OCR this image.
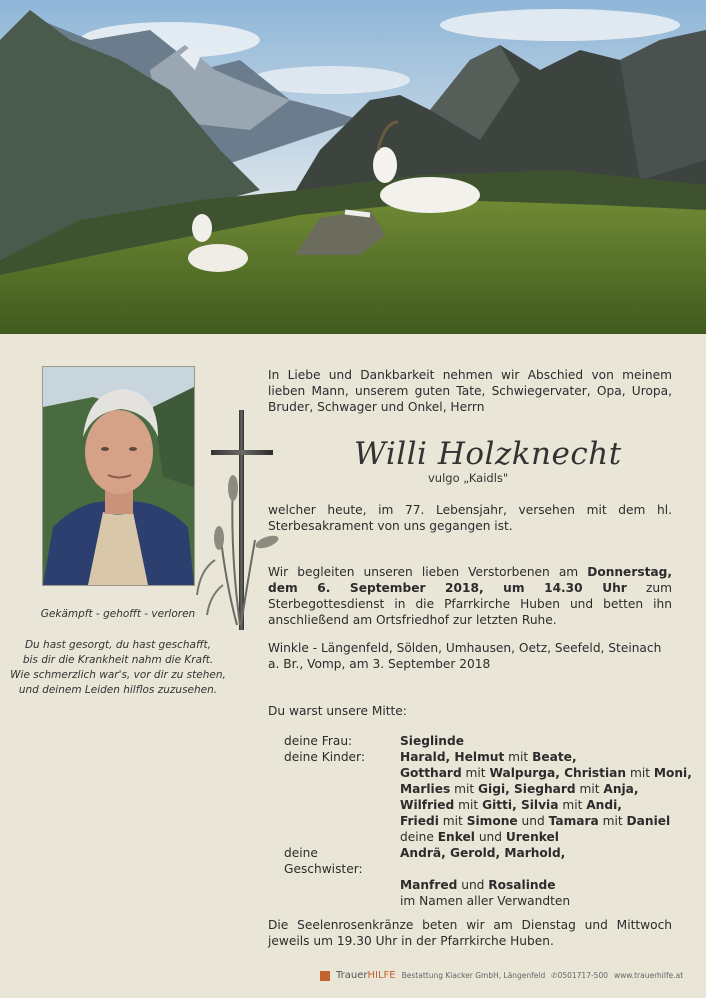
Gekämpft - gehofft - verloren
Du hast gesorgt, du hast geschafft,
bis dir die Krankheit nahm die Kraft.
Wie schmerzlich war's, vor dir zu stehen,
und deinem Leiden hilflos zuzusehen.
In Liebe und Dankbarkeit nehmen wir Abschied von meinem lieben Mann, unserem guten Tate, Schwiegervater, Opa, Uropa, Bruder, Schwager und Onkel, Herrn
Willi Holzknecht
vulgo „Kaidls"
welcher heute, im 77. Lebensjahr, versehen mit dem hl. Sterbesakrament von uns gegangen ist.
Wir begleiten unseren lieben Verstorbenen am Donnerstag, dem 6. September 2018, um 14.30 Uhr zum Sterbegottesdienst in die Pfarrkirche Huben und betten ihn anschließend am Ortsfriedhof zur letzten Ruhe.
Winkle - Längenfeld, Sölden, Umhausen, Oetz, Seefeld, Steinach a. Br., Vomp, am 3. September 2018
Du warst unsere Mitte:
deine Frau:	Sieglinde
deine Kinder:	Harald, Helmut mit Beate,
Gotthard mit Walpurga, Christian mit Moni,
Marlies mit Gigi, Sieghard mit Anja,
Wilfried mit Gitti, Silvia mit Andi,
Friedi mit Simone und Tamara mit Daniel
deine Enkel und Urenkel
deine Geschwister:
Andrä, Gerold, Marhold,
Manfred und Rosalinde
im Namen aller Verwandten
Die Seelenrosenkränze beten wir am Dienstag und Mittwoch jeweils um 19.30 Uhr in der Pfarrkirche Huben.
TrauerHILFE Bestattung Kiacker GmbH, Längenfeld ✆0501717-500 www.trauerhilfe.at
